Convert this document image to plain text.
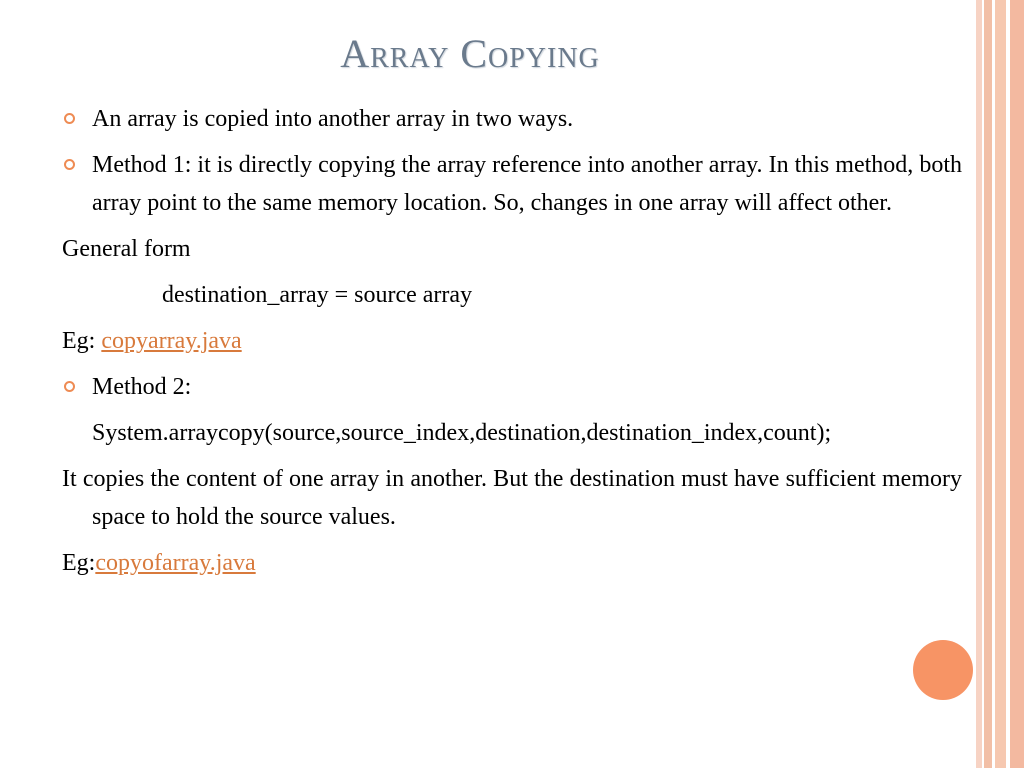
Array Copying
An array is copied into another array in two ways.
Method 1: it is directly copying the array reference into another array. In this method, both array point to the same memory location. So, changes in one array will affect other.
General form
destination_array = source array
Eg: copyarray.java
Method 2:
System.arraycopy(source,source_index,destination,destination_index,count);
It copies the content of one array in another. But the destination must have sufficient memory space to hold the source values.
Eg:copyofarray.java
